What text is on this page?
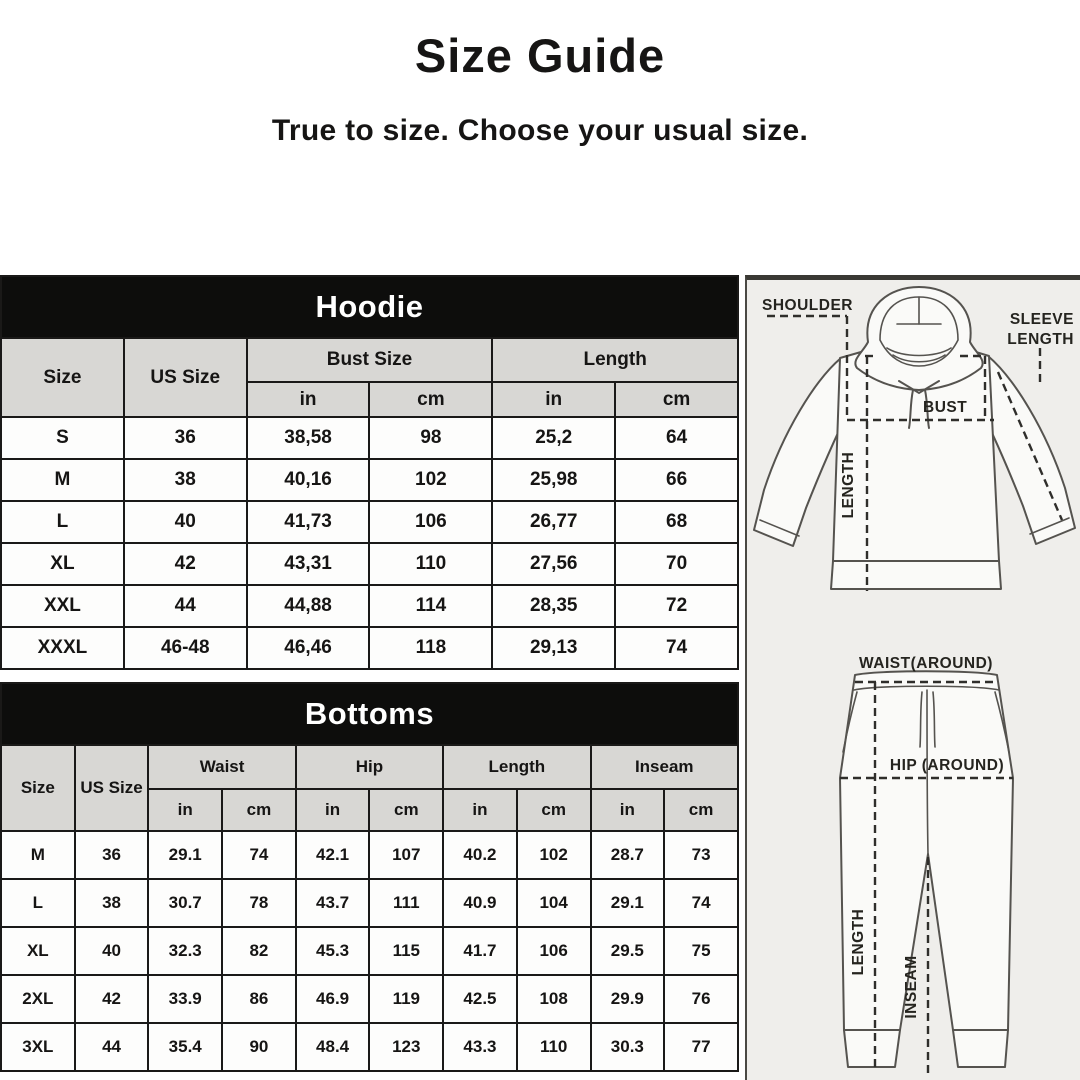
Size Guide
True to size. Choose your usual size.
Hoodie					
Size	US Size	Bust Size		Length	
		in	cm	in	cm
S	36	38,58	98	25,2	64
M	38	40,16	102	25,98	66
L	40	41,73	106	26,77	68
XL	42	43,31	110	27,56	70
XXL	44	44,88	114	28,35	72
XXXL	46-48	46,46	118	29,13	74
Bottoms									
Size	US Size	Waist		Hip		Length		Inseam	
		in	cm	in	cm	in	cm	in	cm
M	36	29.1	74	42.1	107	40.2	102	28.7	73
L	38	30.7	78	43.7	111	40.9	104	29.1	74
XL	40	32.3	82	45.3	115	41.7	106	29.5	75
2XL	42	33.9	86	46.9	119	42.5	108	29.9	76
3XL	44	35.4	90	48.4	123	43.3	110	30.3	77
SHOULDER
SLEEVE
LENGTH
BUST
LENGTH
WAIST(AROUND)
HIP (AROUND)
LENGTH
INSEAM
